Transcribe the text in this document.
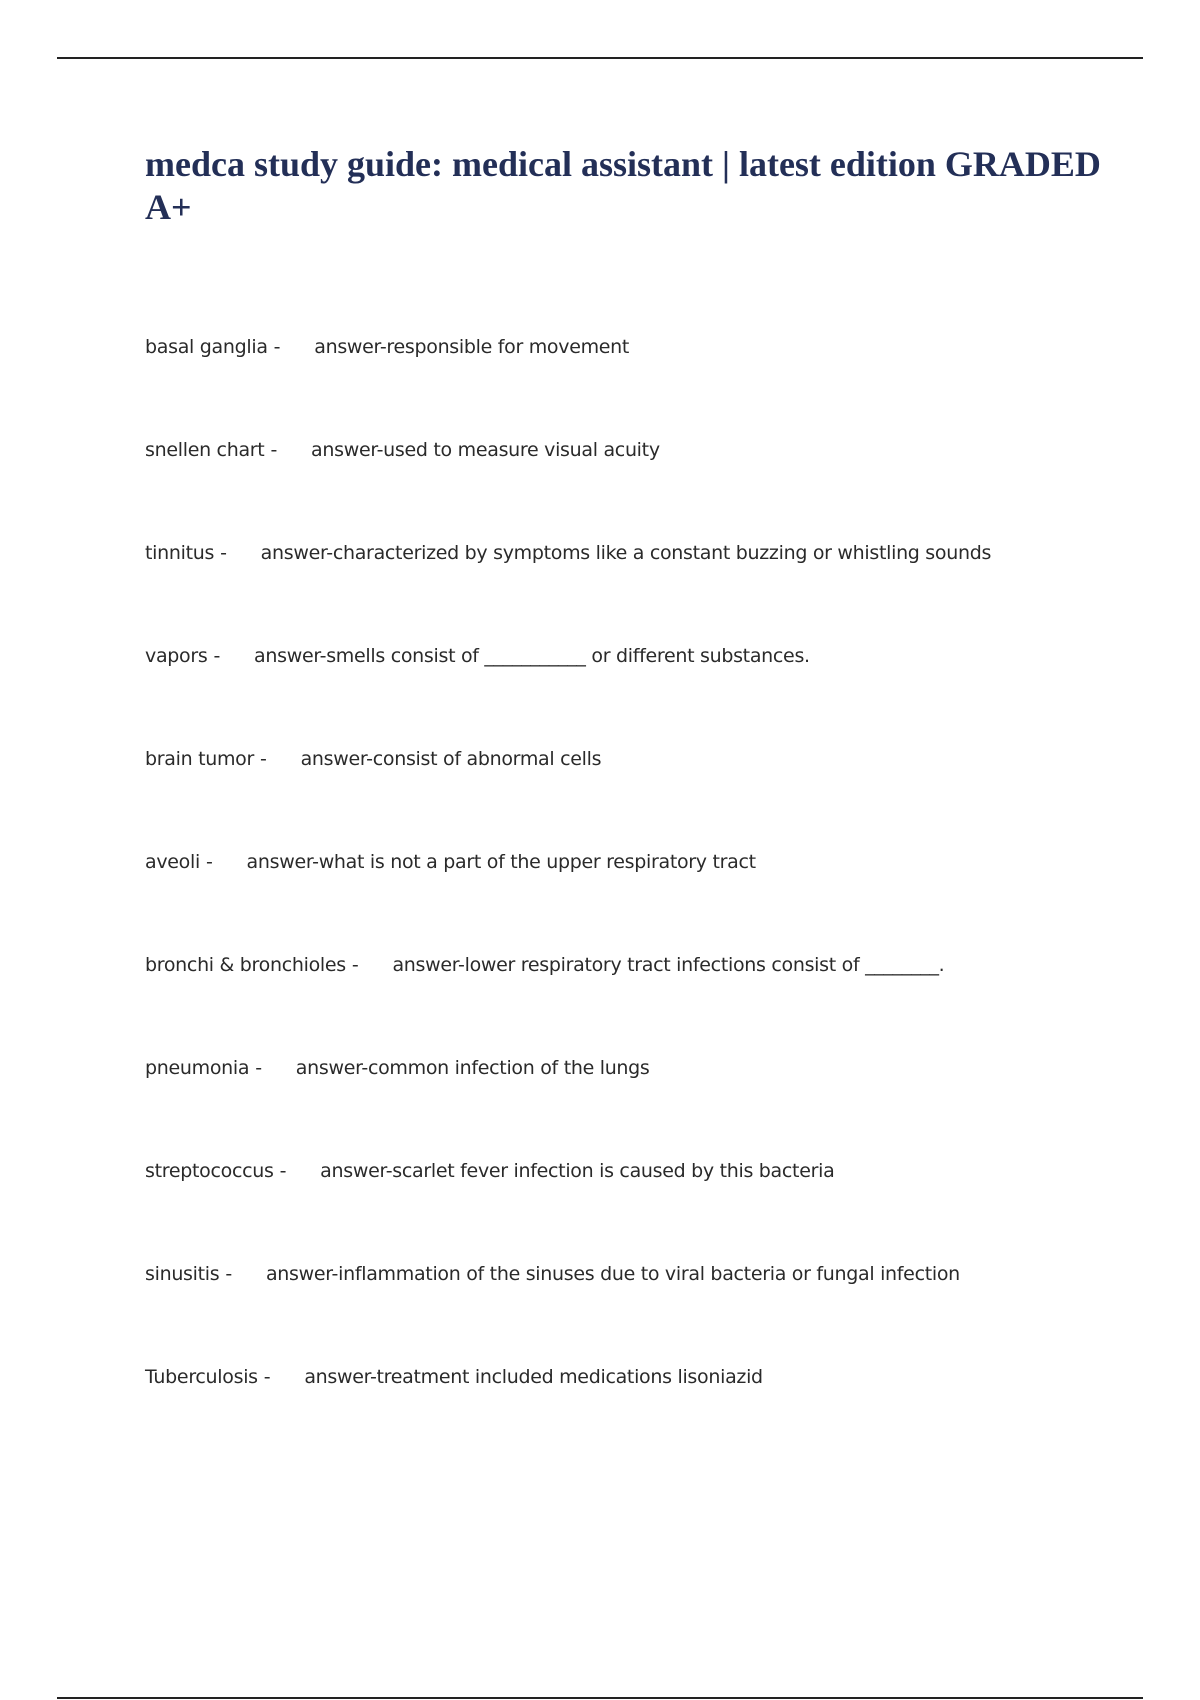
medca study guide: medical assistant | latest edition GRADED A+
basal ganglia - answer-responsible for movement
snellen chart - answer-used to measure visual acuity
tinnitus - answer-characterized by symptoms like a constant buzzing or whistling sounds
vapors - answer-smells consist of ___________ or different substances.
brain tumor - answer-consist of abnormal cells
aveoli - answer-what is not a part of the upper respiratory tract
bronchi & bronchioles - answer-lower respiratory tract infections consist of ________.
pneumonia - answer-common infection of the lungs
streptococcus - answer-scarlet fever infection is caused by this bacteria
sinusitis - answer-inflammation of the sinuses due to viral bacteria or fungal infection
Tuberculosis - answer-treatment included medications lisoniazid
